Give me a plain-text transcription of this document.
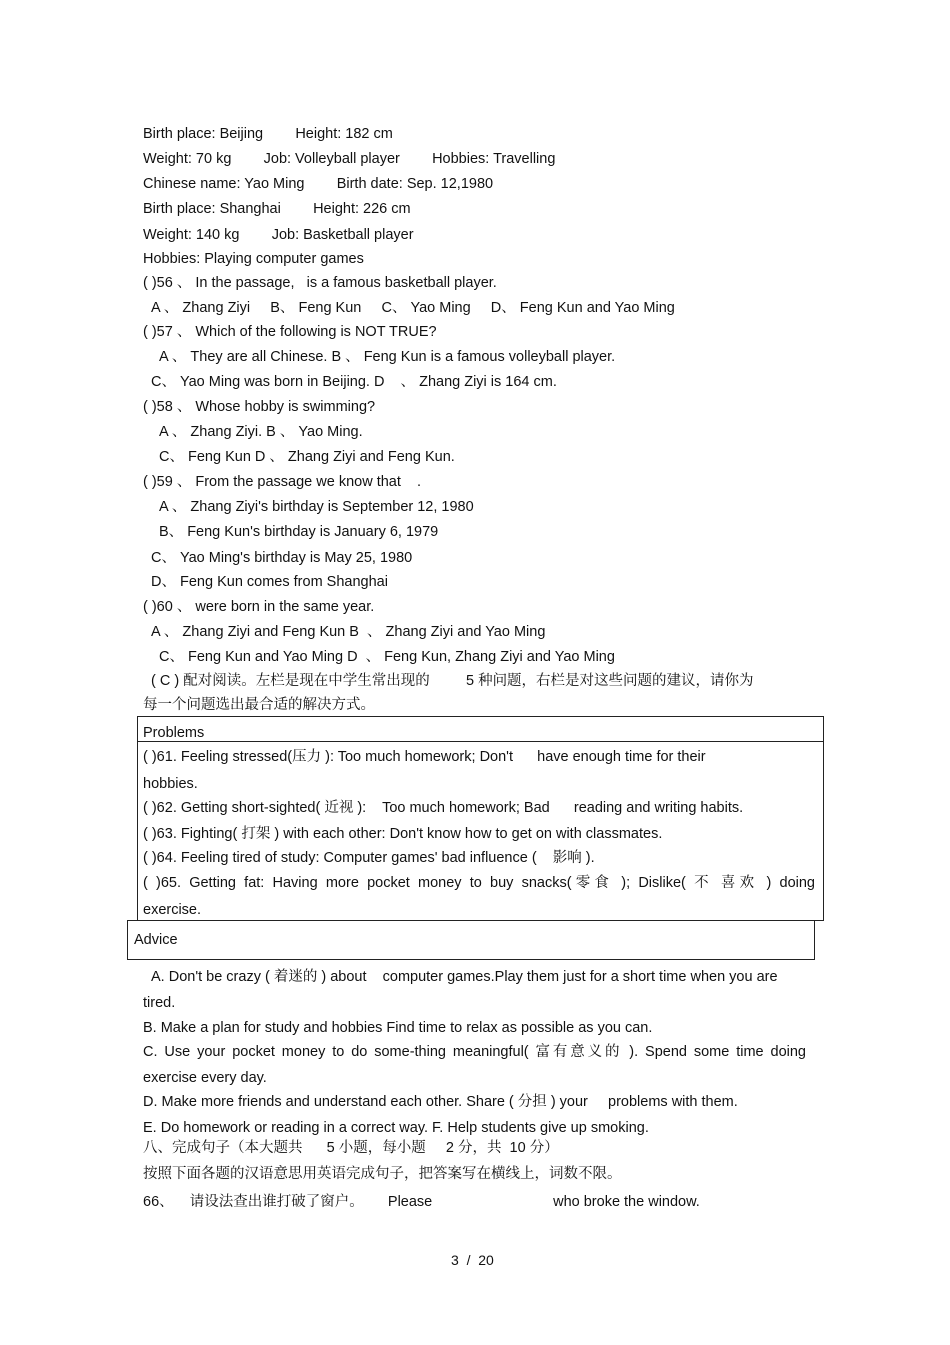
Birth place: Beijing        Height: 182 cm
Weight: 70 kg        Job: Volleyball player        Hobbies: Travelling
Chinese name: Yao Ming        Birth date: Sep. 12,1980
Birth place: Shanghai        Height: 226 cm
Weight: 140 kg        Job: Basketball player
Hobbies: Playing computer games
( )56 、 In the passage,   is a famous basketball player.
A 、 Zhang Ziyi     B、 Feng Kun     C、 Yao Ming     D、 Feng Kun and Yao Ming
( )57 、 Which of the following is NOT TRUE?
A 、 They are all Chinese. B 、 Feng Kun is a famous volleyball player.
C、 Yao Ming was born in Beijing. D    、 Zhang Ziyi is 164 cm.
( )58 、 Whose hobby is swimming?
A 、 Zhang Ziyi. B 、 Yao Ming.
C、 Feng Kun D 、 Zhang Ziyi and Feng Kun.
( )59 、 From the passage we know that    .
A 、 Zhang Ziyi's birthday is September 12, 1980
B、 Feng Kun's birthday is January 6, 1979
C、 Yao Ming's birthday is May 25, 1980
D、 Feng Kun comes from Shanghai
( )60 、 were born in the same year.
A 、 Zhang Ziyi and Feng Kun B  、 Zhang Ziyi and Yao Ming
C、 Feng Kun and Yao Ming D  、 Feng Kun, Zhang Ziyi and Yao Ming
( C ) 配对阅读。左栏是现在中学生常出现的         5 种问题，右栏是对这些问题的建议，请你为
每一个问题选出最合适的解决方式。
Problems
( )61. Feeling stressed(压力 ): Too much homework; Don't      have enough time for their
hobbies.
( )62. Getting short-sighted( 近视 ):    Too much homework; Bad      reading and writing habits.
( )63. Fighting( 打架 ) with each other: Don't know how to get on with classmates.
( )64. Feeling tired of study: Computer games' bad influence (    影响 ).
( )65. Getting fat: Having more pocket money to buy snacks(零食 ); Dislike( 不 喜欢 ) doing
exercise.
Advice
A. Don't be crazy ( 着迷的 ) about    computer games.Play them just for a short time when you are
tired.
B. Make a plan for study and hobbies Find time to relax as possible as you can.
C. Use your pocket money to do some-thing meaningful( 富有意义的 ). Spend some time doing
exercise every day.
D. Make more friends and understand each other. Share ( 分担 ) your     problems with them.
E. Do homework or reading in a correct way. F. Help students give up smoking.
八、完成句子（本大题共      5 小题，每小题     2 分，共  10 分）
按照下面各题的汉语意思用英语完成句子，把答案写在横线上，词数不限。
66、    请设法查出谁打破了窗户。      Please                              who broke the window.
3  /  20
